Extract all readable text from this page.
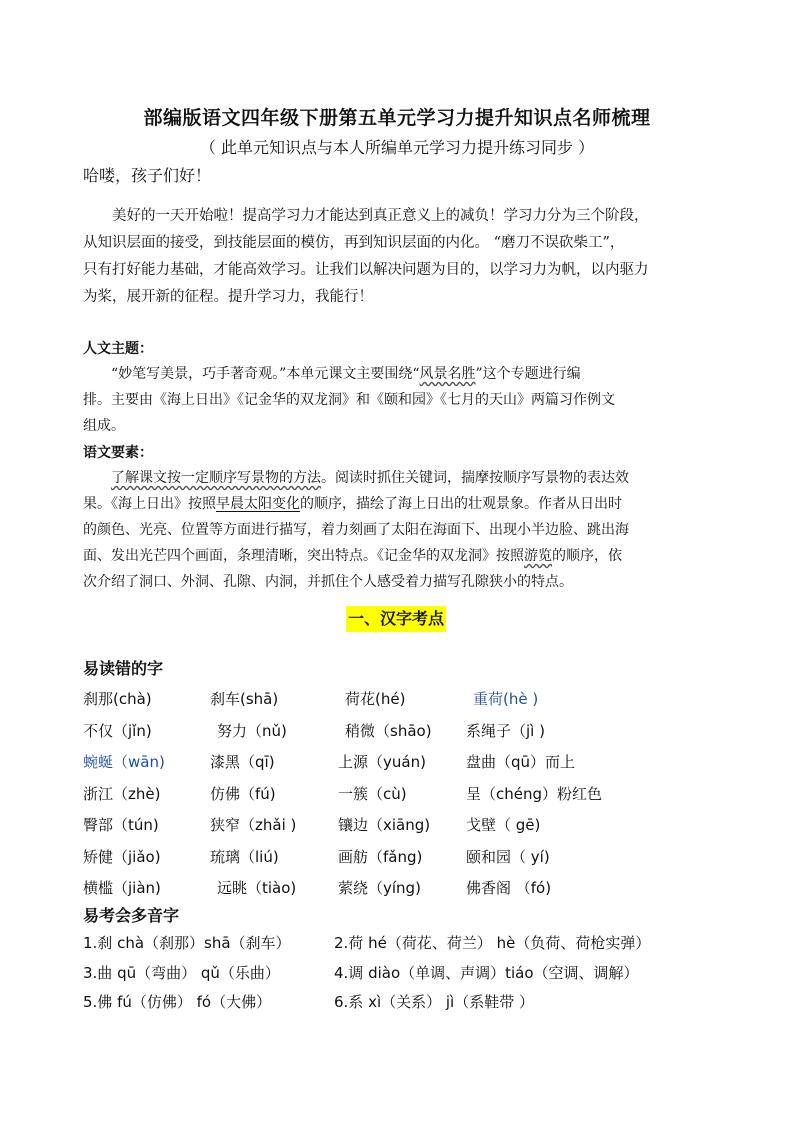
部编版语文四年级下册第五单元学习力提升知识点名师梳理
（ 此单元知识点与本人所编单元学习力提升练习同步 ）
哈喽，孩子们好！
美好的一天开始啦！提高学习力才能达到真正意义上的减负！学习力分为三个阶段，
从知识层面的接受，到技能层面的模仿，再到知识层面的内化。 “磨刀不误砍柴工”，
只有打好能力基础，才能高效学习。让我们以解决问题为目的，以学习力为帆，以内驱力
为桨，展开新的征程。提升学习力，我能行！
人文主题：
“妙笔写美景，巧手著奇观。”本单元课文主要围绕“风景名胜”这个专题进行编
排。主要由《海上日出》《记金华的双龙洞》和《颐和园》《七月的天山》两篇习作例文
组成。
语文要素：
了解课文按一定顺序写景物的方法。阅读时抓住关键词，揣摩按顺序写景物的表达效
果。《海上日出》按照早晨太阳变化的顺序，描绘了海上日出的壮观景象。作者从日出时
的颜色、光亮、位置等方面进行描写，着力刻画了太阳在海面下、出现小半边脸、跳出海
面、发出光芒四个画面，条理清晰，突出特点。《记金华的双龙洞》按照游览的顺序，依
次介绍了洞口、外洞、孔隙、内洞，并抓住个人感受着力描写孔隙狭小的特点。
一、汉字考点
易读错的字
刹那(chà)	刹车(shā)	荷花(hé)	重荷(hè )
不仅（jǐn)	努力（nǔ)	稍微（shāo) 系绳子（jì )
蜿蜒（wān)	漆黑（qī)	上源（yuán)	盘曲（qū）而上
浙江（zhè)	仿佛（fú)	一簇（cù)	呈（chéng）粉红色
臀部（tún)	狭窄（zhǎi )	镶边（xiāng) 戈壁（ gē)
矫健（jiǎo)	琉璃（liú)	画舫（fǎng)	颐和园（ yí)
横槛（jiàn)	远眺（tiào)	萦绕（yíng)	佛香阁 （fó)
易考会多音字
1.刹 chà（刹那）shā（刹车）	2.荷 hé（荷花、荷兰） hè（负荷、荷枪实弹）
3.曲 qū（弯曲） qǔ（乐曲）	4.调 diào（单调、声调）tiáo（空调、调解）
5.佛 fú（仿佛） fó（大佛）	6.系 xì（关系） jì（系鞋带 ）
